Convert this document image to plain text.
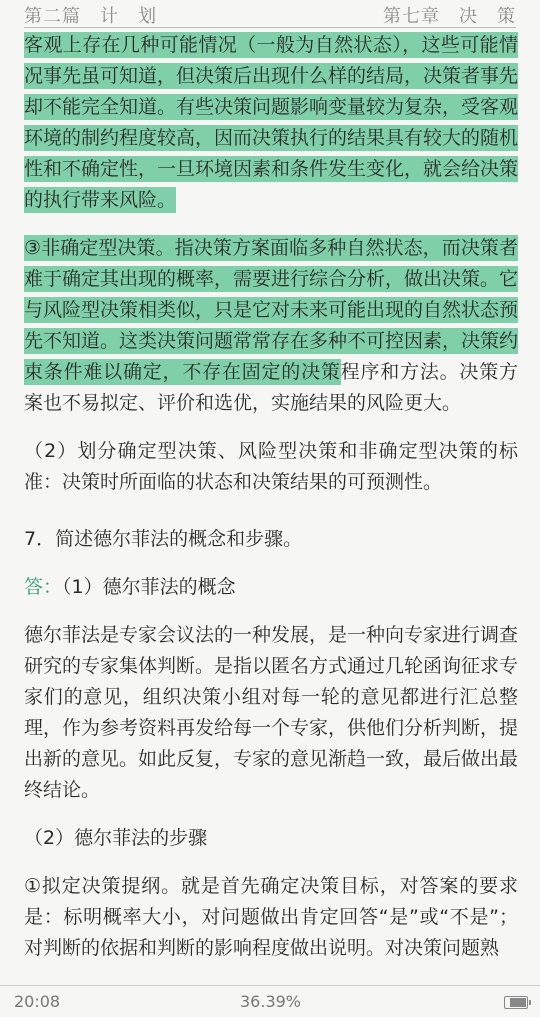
第二篇　计　划	第七章　决　策

客观上存在几种可能情况（一般为自然状态），这些可能情况事先虽可知道，但决策后出现什么样的结局，决策者事先却不能完全知道。有些决策问题影响变量较为复杂，受客观环境的制约程度较高，因而决策执行的结果具有较大的随机性和不确定性，一旦环境因素和条件发生变化，就会给决策的执行带来风险。

③非确定型决策。指决策方案面临多种自然状态，而决策者难于确定其出现的概率，需要进行综合分析，做出决策。它与风险型决策相类似，只是它对未来可能出现的自然状态预先不知道。这类决策问题常常存在多种不可控因素，决策约束条件难以确定，不存在固定的决策程序和方法。决策方案也不易拟定、评价和选优，实施结果的风险更大。

（2）划分确定型决策、风险型决策和非确定型决策的标准：决策时所面临的状态和决策结果的可预测性。

7．简述德尔菲法的概念和步骤。

答：（1）德尔菲法的概念

德尔菲法是专家会议法的一种发展，是一种向专家进行调查研究的专家集体判断。是指以匿名方式通过几轮函询征求专家们的意见，组织决策小组对每一轮的意见都进行汇总整理，作为参考资料再发给每一个专家，供他们分析判断，提出新的意见。如此反复，专家的意见渐趋一致，最后做出最终结论。

（2）德尔菲法的步骤

①拟定决策提纲。就是首先确定决策目标，对答案的要求是：标明概率大小，对问题做出肯定回答“是”或“不是”；对判断的依据和判断的影响程度做出说明。对决策问题熟

20:08	36.39%
